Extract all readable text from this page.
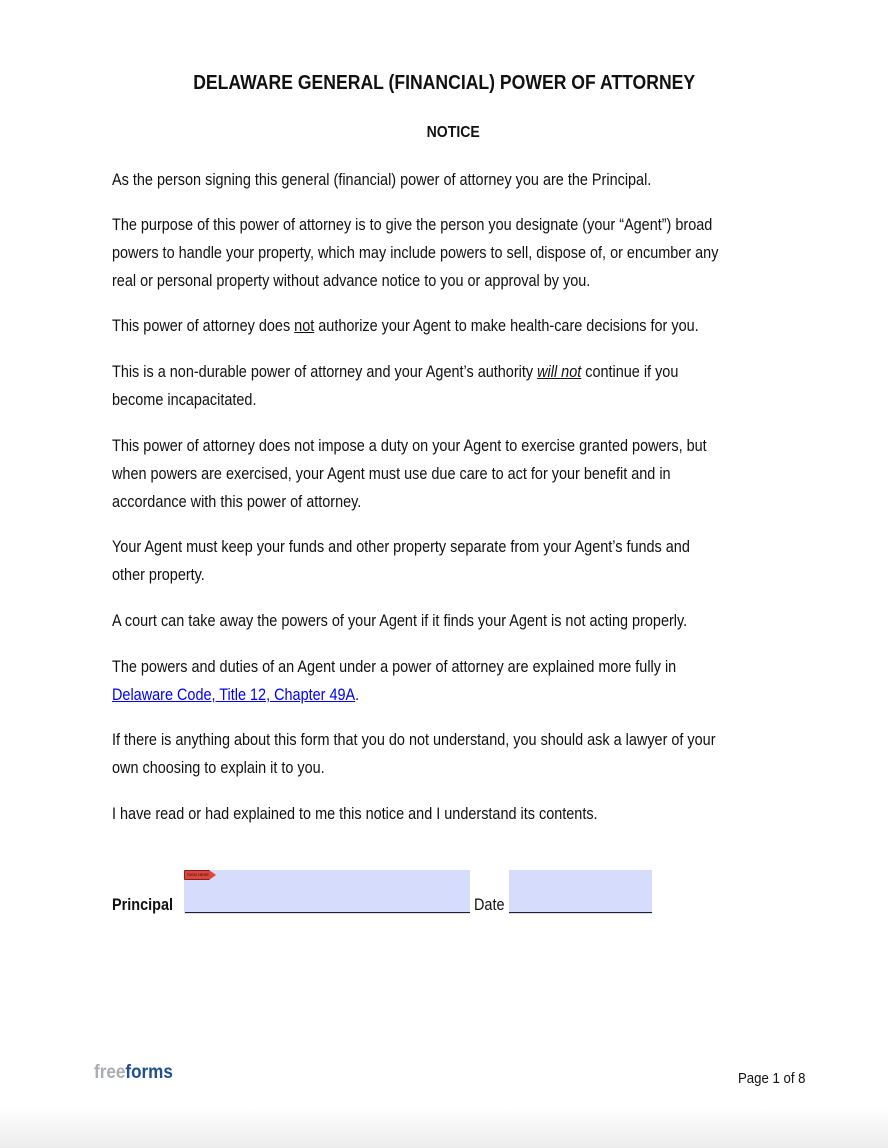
DELAWARE GENERAL (FINANCIAL) POWER OF ATTORNEY
NOTICE
As the person signing this general (financial) power of attorney you are the Principal.
The purpose of this power of attorney is to give the person you designate (your “Agent”) broad
powers to handle your property, which may include powers to sell, dispose of, or encumber any
real or personal property without advance notice to you or approval by you.
This power of attorney does not authorize your Agent to make health-care decisions for you.
This is a non-durable power of attorney and your Agent’s authority will not continue if you
become incapacitated.
This power of attorney does not impose a duty on your Agent to exercise granted powers, but
when powers are exercised, your Agent must use due care to act for your benefit and in
accordance with this power of attorney.
Your Agent must keep your funds and other property separate from your Agent’s funds and
other property.
A court can take away the powers of your Agent if it finds your Agent is not acting properly.
The powers and duties of an Agent under a power of attorney are explained more fully in
Delaware Code, Title 12, Chapter 49A.
If there is anything about this form that you do not understand, you should ask a lawyer of your
own choosing to explain it to you.
I have read or had explained to me this notice and I understand its contents.
SIGN HERE
Principal	Date
freeforms	Page 1 of 8
